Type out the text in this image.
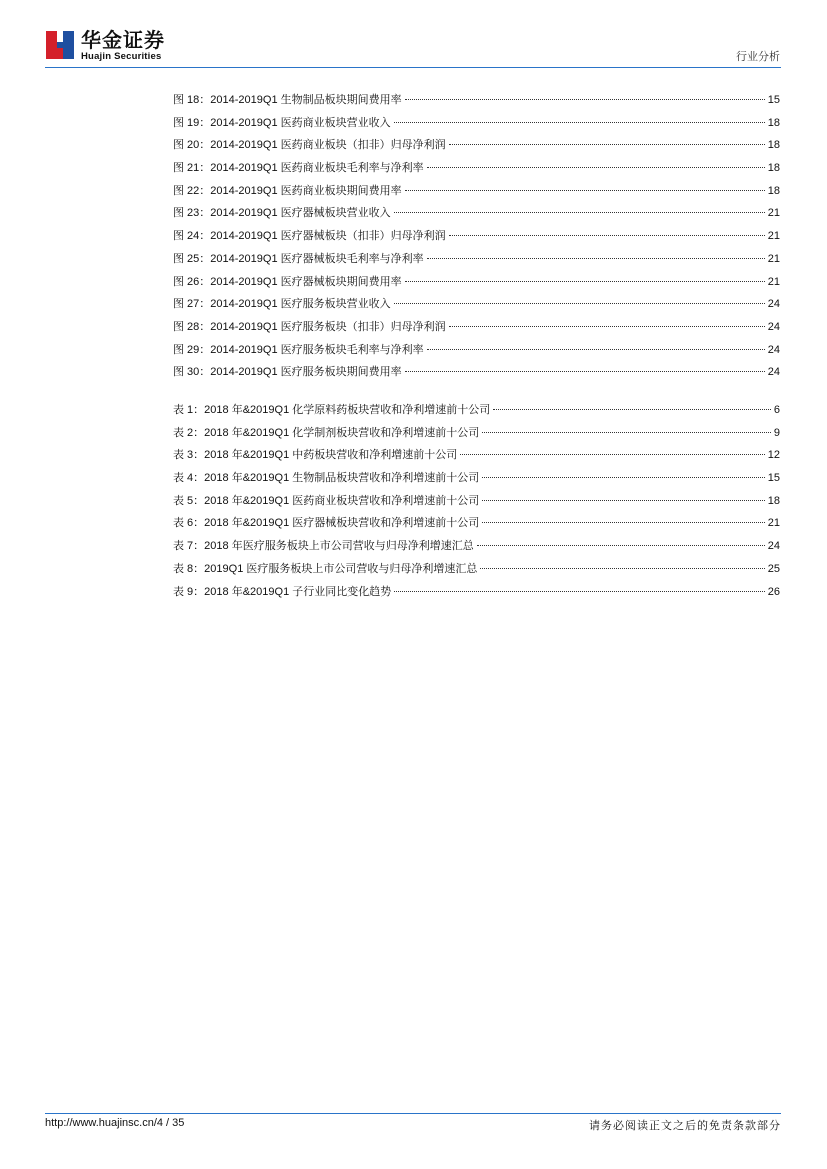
华金证券
Huajin Securities	行业分析
图 18：2014-2019Q1 生物制品板块期间费用率	15
图 19：2014-2019Q1 医药商业板块营业收入	18
图 20：2014-2019Q1 医药商业板块（扣非）归母净利润	18
图 21：2014-2019Q1 医药商业板块毛利率与净利率	18
图 22：2014-2019Q1 医药商业板块期间费用率	18
图 23：2014-2019Q1 医疗器械板块营业收入	21
图 24：2014-2019Q1 医疗器械板块（扣非）归母净利润	21
图 25：2014-2019Q1 医疗器械板块毛利率与净利率	21
图 26：2014-2019Q1 医疗器械板块期间费用率	21
图 27：2014-2019Q1 医疗服务板块营业收入	24
图 28：2014-2019Q1 医疗服务板块（扣非）归母净利润	24
图 29：2014-2019Q1 医疗服务板块毛利率与净利率	24
图 30：2014-2019Q1 医疗服务板块期间费用率	24
表 1：2018 年&2019Q1 化学原料药板块营收和净利增速前十公司	6
表 2：2018 年&2019Q1 化学制剂板块营收和净利增速前十公司	9
表 3：2018 年&2019Q1 中药板块营收和净利增速前十公司	12
表 4：2018 年&2019Q1 生物制品板块营收和净利增速前十公司	15
表 5：2018 年&2019Q1 医药商业板块营收和净利增速前十公司	18
表 6：2018 年&2019Q1 医疗器械板块营收和净利增速前十公司	21
表 7：2018 年医疗服务板块上市公司营收与归母净利增速汇总	24
表 8：2019Q1 医疗服务板块上市公司营收与归母净利增速汇总	25
表 9：2018 年&2019Q1 子行业同比变化趋势	26
http://www.huajinsc.cn/4 / 35	请务必阅读正文之后的免责条款部分
